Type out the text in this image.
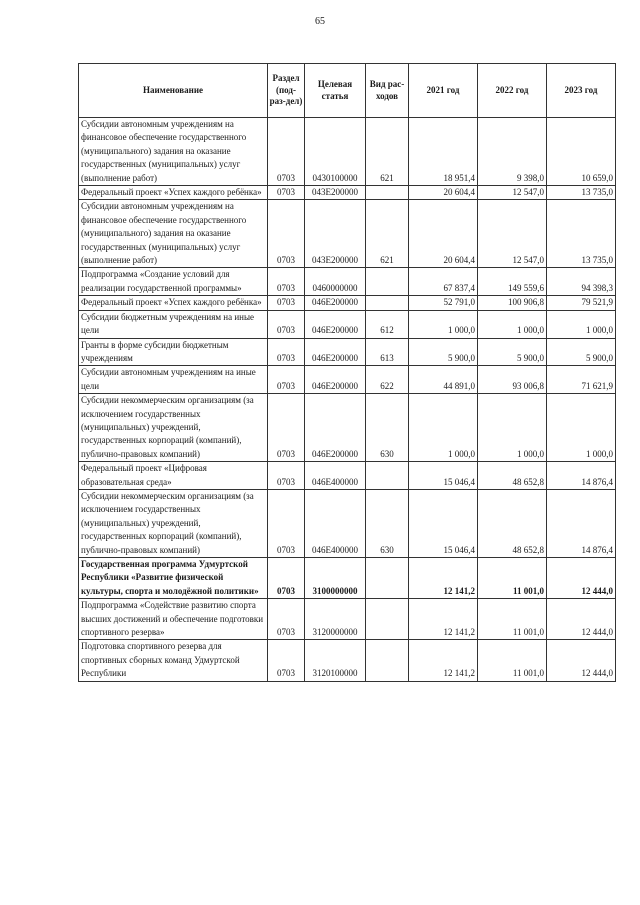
65
Наименование	Раздел (под-раз-дел)	Целевая статья	Вид рас-ходов	2021 год	2022 год	2023 год
Субсидии автономным учреждениям на финансовое обеспечение государственного (муниципального) задания на оказание государственных (муниципальных) услуг (выполнение работ)	0703	0430100000	621	18 951,4	9 398,0	10 659,0
Федеральный проект «Успех каждого ребёнка»	0703	043E200000		20 604,4	12 547,0	13 735,0
Субсидии автономным учреждениям на финансовое обеспечение государственного (муниципального) задания на оказание государственных (муниципальных) услуг (выполнение работ)	0703	043E200000	621	20 604,4	12 547,0	13 735,0
Подпрограмма «Создание условий для реализации государственной программы»	0703	0460000000		67 837,4	149 559,6	94 398,3
Федеральный проект «Успех каждого ребёнка»	0703	046E200000		52 791,0	100 906,8	79 521,9
Субсидии бюджетным учреждениям на иные цели	0703	046E200000	612	1 000,0	1 000,0	1 000,0
Гранты в форме субсидии бюджетным учреждениям	0703	046E200000	613	5 900,0	5 900,0	5 900,0
Субсидии автономным учреждениям на иные цели	0703	046E200000	622	44 891,0	93 006,8	71 621,9
Субсидии некоммерческим организациям (за исключением государственных (муниципальных) учреждений, государственных корпораций (компаний), публично-правовых компаний)	0703	046E200000	630	1 000,0	1 000,0	1 000,0
Федеральный проект «Цифровая образовательная среда»	0703	046E400000		15 046,4	48 652,8	14 876,4
Субсидии некоммерческим организациям (за исключением государственных (муниципальных) учреждений, государственных корпораций (компаний), публично-правовых компаний)	0703	046E400000	630	15 046,4	48 652,8	14 876,4
Государственная программа Удмуртской Республики «Развитие физической культуры, спорта и молодёжной политики»	0703	3100000000		12 141,2	11 001,0	12 444,0
Подпрограмма «Содействие развитию спорта высших достижений и обеспечение подготовки спортивного резерва»	0703	3120000000		12 141,2	11 001,0	12 444,0
Подготовка спортивного резерва для спортивных сборных команд Удмуртской Республики	0703	3120100000		12 141,2	11 001,0	12 444,0
